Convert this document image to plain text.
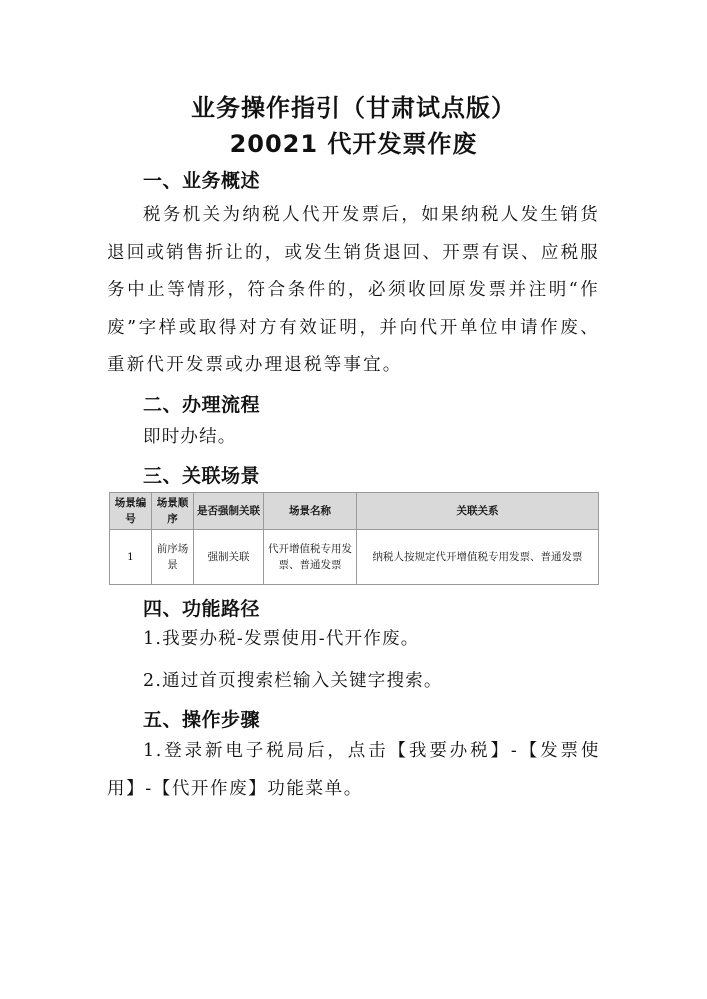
业务操作指引（甘肃试点版）
20021 代开发票作废
一、业务概述

税务机关为纳税人代开发票后，如果纳税人发生销货退回或销售折让的，或发生销货退回、开票有误、应税服务中止等情形，符合条件的，必须收回原发票并注明“作废”字样或取得对方有效证明，并向代开单位申请作废、重新代开发票或办理退税等事宜。

二、办理流程

即时办结。

三、关联场景
场景编号	场景顺序	是否强制关联	场景名称	关联关系
1	前序场景	强制关联	代开增值税专用发票、普通发票	纳税人按规定代开增值税专用发票、普通发票
四、功能路径

1.我要办税-发票使用-代开作废。

2.通过首页搜索栏输入关键字搜索。

五、操作步骤

1.登录新电子税局后，点击【我要办税】-【发票使用】-【代开作废】功能菜单。
